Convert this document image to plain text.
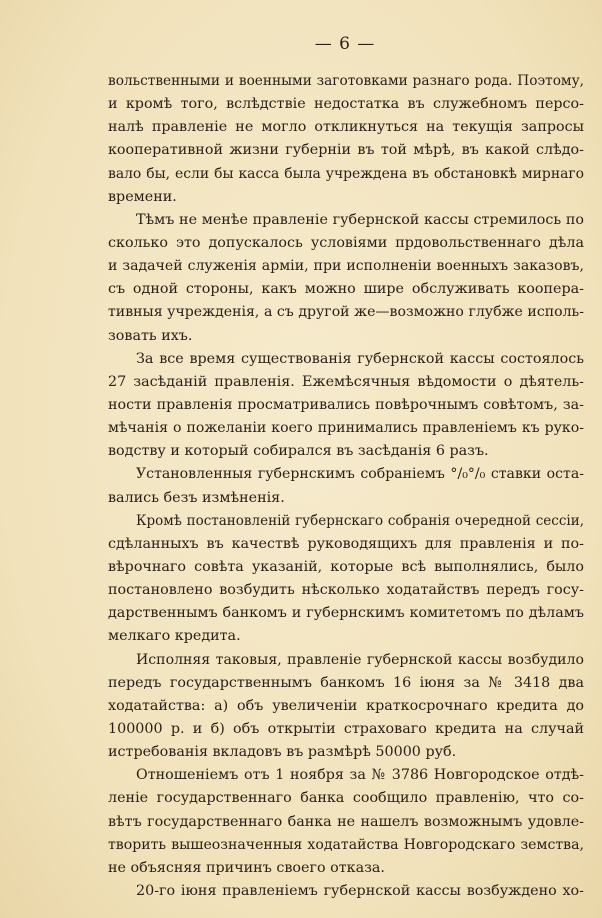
— 6 —
вольственными и военными заготовками разнаго рода. Поэтому,
и кромѣ того, вслѣдствіе недостатка въ служебномъ персо-
налѣ правленіе не могло откликнуться на текущія запросы
кооперативной жизни губерніи въ той мѣрѣ, въ какой слѣдо-
вало бы, если бы касса была учреждена въ обстановкѣ мирнаго
времени.
Тѣмъ не менѣе правленіе губернской кассы стремилось по
сколько это допускалось условіями прдовольственнаго дѣла
и задачей служенія арміи, при исполненіи военныхъ заказовъ,
съ одной стороны, какъ можно шире обслуживать коопера-
тивныя учрежденія, а съ другой же—возможно глубже исполь-
зовать ихъ.
За все время существованія губернской кассы состоялось
27 засѣданій правленія. Ежемѣсячныя вѣдомости о дѣятель-
ности правленія просматривались повѣрочнымъ совѣтомъ, за-
мѣчанія о пожеланіи коего принимались правленіемъ къ руко-
водству и который собирался въ засѣданія 6 разъ.
Установленныя губернскимъ собраніемъ °/₀°/₀ ставки оста-
вались безъ измѣненія.
Кромѣ постановленій губернскаго собранія очередной сессіи,
сдѣланныхъ въ качествѣ руководящихъ для правленія и по-
вѣрочнаго совѣта указаній, которые всѣ выполнялись, было
постановлено возбудить нѣсколько ходатайствъ передъ госу-
дарственнымъ банкомъ и губернскимъ комитетомъ по дѣламъ
мелкаго кредита.
Исполняя таковыя, правленіе губернской кассы возбудило
передъ государственнымъ банкомъ 16 іюня за № 3418 два
ходатайства: а) объ увеличеніи краткосрочнаго кредита до
100000 р. и б) объ открытіи страховаго кредита на случай
истребованія вкладовъ въ размѣрѣ 50000 руб.
Отношеніемъ отъ 1 ноября за № 3786 Новгородское отдѣ-
леніе государственнаго банка сообщило правленію, что со-
вѣтъ государственнаго банка не нашелъ возможнымъ удовле-
творить вышеозначенныя ходатайства Новгородскаго земства,
не объясняя причинъ своего отказа.
20-го іюня правленіемъ губернской кассы возбуждено хо-
